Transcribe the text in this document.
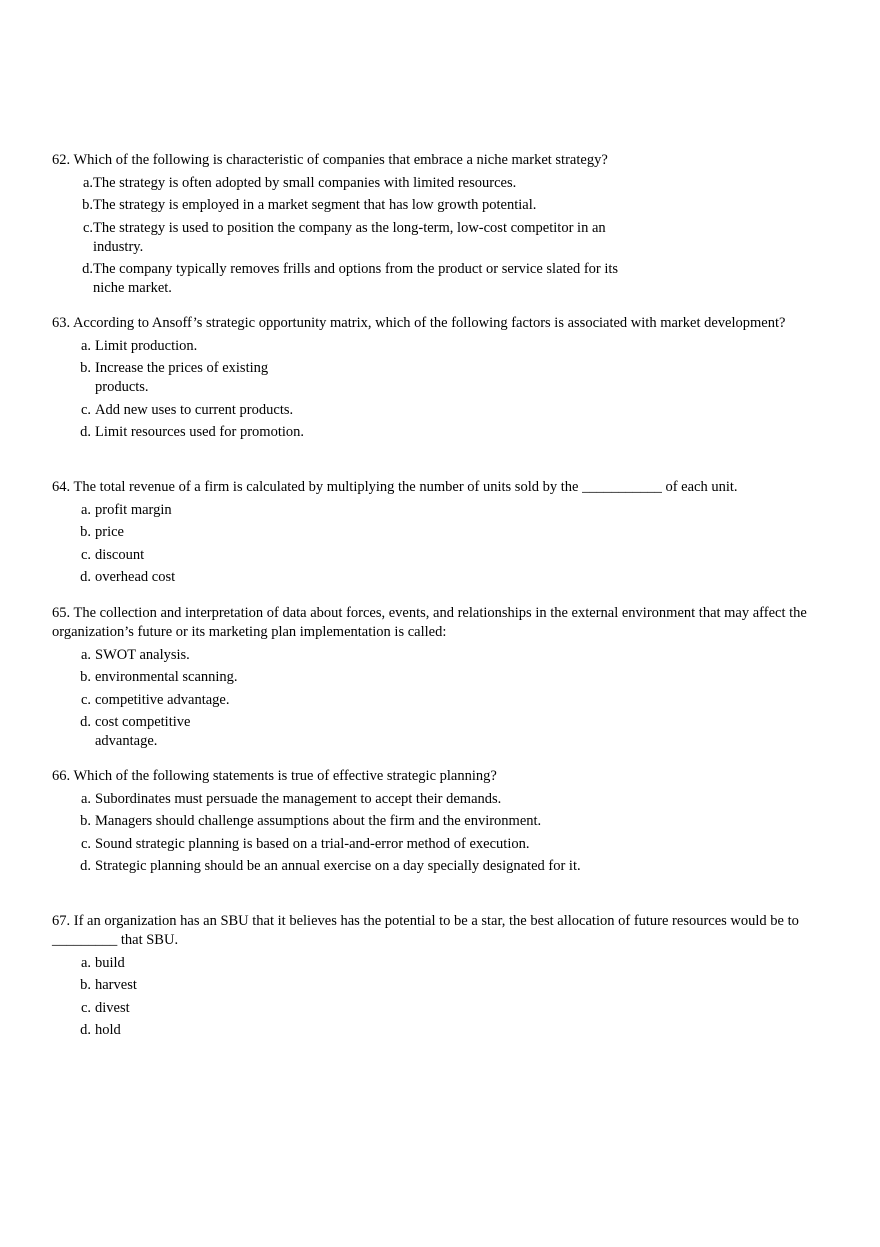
62. Which of the following is characteristic of companies that embrace a niche market strategy?

a. The strategy is often adopted by small companies with limited resources.
b. The strategy is employed in a market segment that has low growth potential.
c. The strategy is used to position the company as the long-term, low-cost competitor in an industry.
d. The company typically removes frills and options from the product or service slated for its niche market.

63. According to Ansoff’s strategic opportunity matrix, which of the following factors is associated with market development?

a. Limit production.
b. Increase the prices of existing products.
c. Add new uses to current products.
d. Limit resources used for promotion.

64. The total revenue of a firm is calculated by multiplying the number of units sold by the ___________ of each unit.

a. profit margin
b. price
c. discount
d. overhead cost

65. The collection and interpretation of data about forces, events, and relationships in the external environment that may affect the organization’s future or its marketing plan implementation is called:

a. SWOT analysis.
b. environmental scanning.
c. competitive advantage.
d. cost competitive advantage.

66. Which of the following statements is true of effective strategic planning?

a. Subordinates must persuade the management to accept their demands.
b. Managers should challenge assumptions about the firm and the environment.
c. Sound strategic planning is based on a trial-and-error method of execution.
d. Strategic planning should be an annual exercise on a day specially designated for it.

67. If an organization has an SBU that it believes has the potential to be a star, the best allocation of future resources would be to _________ that SBU.

a. build
b. harvest
c. divest
d. hold
